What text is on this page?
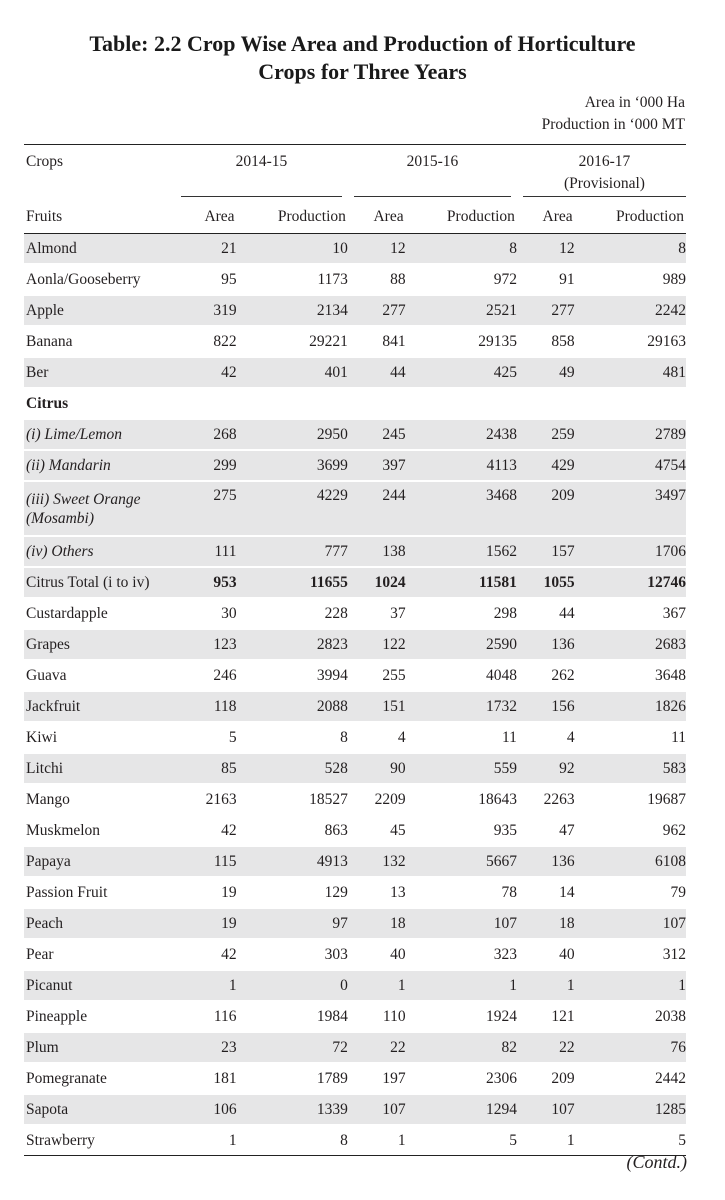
Table: 2.2 Crop Wise Area and Production of Horticulture
Crops for Three Years
Area in ‘000 Ha
Production in ‘000 MT
Crops	2014-15		2015-16		2016-17
(Provisional)	

Fruits	Area	Production	Area	Production	Area	Production
Almond	21	10	12	8	12	8
Aonla/Gooseberry	95	1173	88	972	91	989
Apple	319	2134	277	2521	277	2242
Banana	822	29221	841	29135	858	29163
Ber	42	401	44	425	49	481
Citrus						
(i) Lime/Lemon	268	2950	245	2438	259	2789
(ii) Mandarin	299	3699	397	4113	429	4754
(iii) Sweet Orange (Mosambi)	275	4229	244	3468	209	3497
(iv) Others	111	777	138	1562	157	1706
Citrus Total (i to iv)	953	11655	1024	11581	1055	12746
Custardapple	30	228	37	298	44	367
Grapes	123	2823	122	2590	136	2683
Guava	246	3994	255	4048	262	3648
Jackfruit	118	2088	151	1732	156	1826
Kiwi	5	8	4	11	4	11
Litchi	85	528	90	559	92	583
Mango	2163	18527	2209	18643	2263	19687
Muskmelon	42	863	45	935	47	962
Papaya	115	4913	132	5667	136	6108
Passion Fruit	19	129	13	78	14	79
Peach	19	97	18	107	18	107
Pear	42	303	40	323	40	312
Picanut	1	0	1	1	1	1
Pineapple	116	1984	110	1924	121	2038
Plum	23	72	22	82	22	76
Pomegranate	181	1789	197	2306	209	2442
Sapota	106	1339	107	1294	107	1285
Strawberry	1	8	1	5	1	5
(Contd.)
